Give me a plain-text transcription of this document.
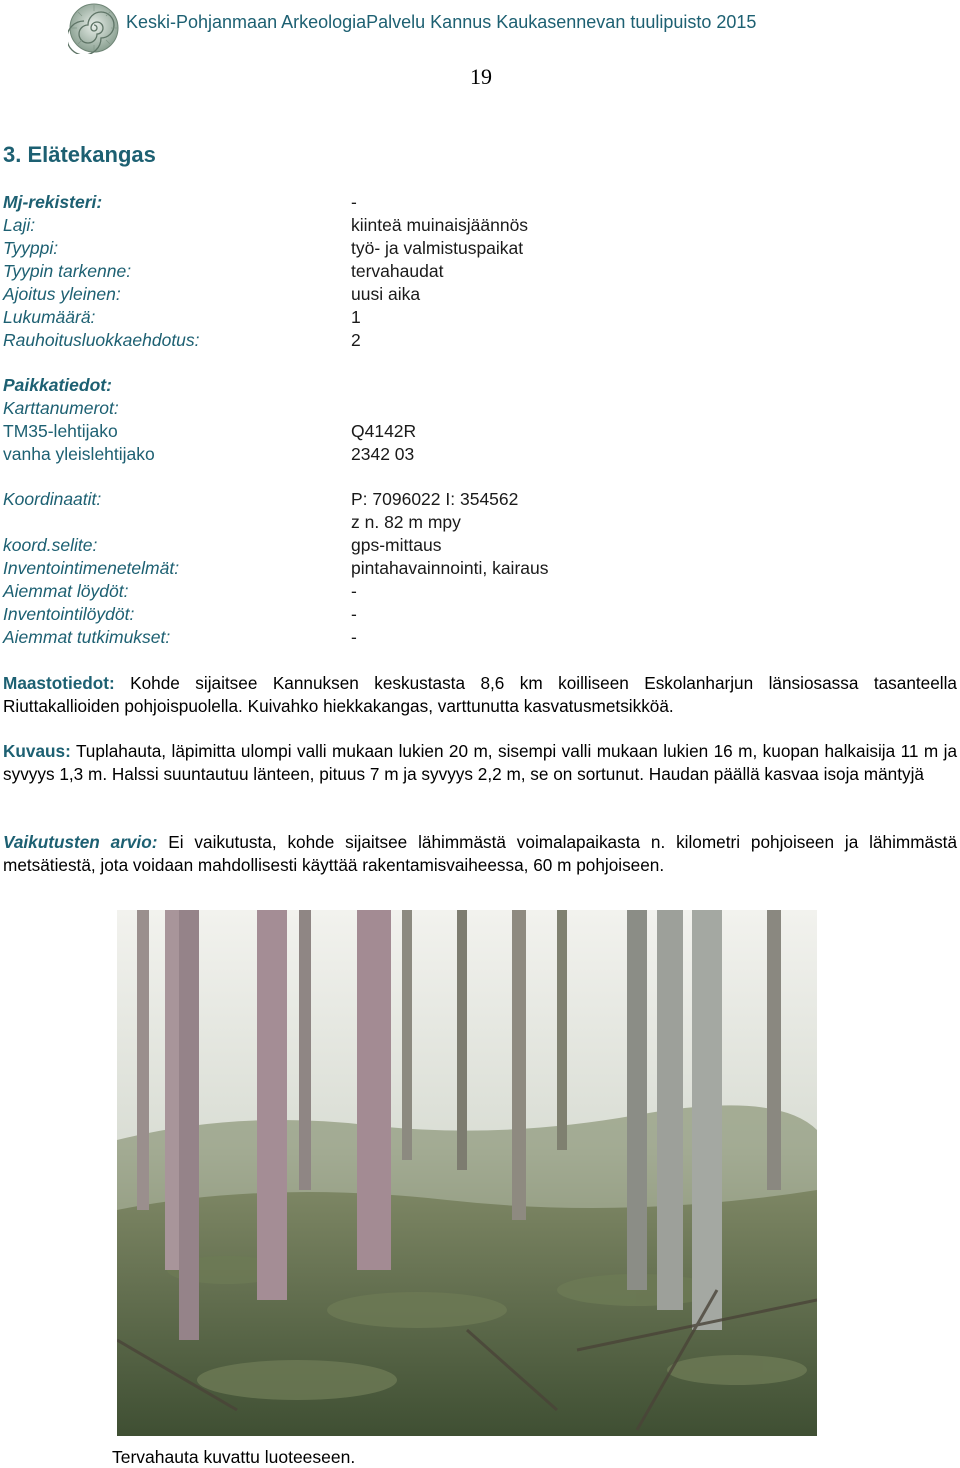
Keski-Pohjanmaan ArkeologiaPalvelu Kannus Kaukasennevan tuulipuisto 2015
19
3. Elätekangas
Mj-rekisteri:	-
Laji:	kiinteä muinaisjäännös
Tyyppi:	työ- ja valmistuspaikat
Tyypin tarkenne:	tervahaudat
Ajoitus yleinen:	uusi aika
Lukumäärä:	1
Rauhoitusluokkaehdotus:	2
Paikkatiedot:
Karttanumerot:
TM35-lehtijako	Q4142R
vanha yleislehtijako	2342 03
Koordinaatit:	P: 7096022 I: 354562
z n. 82 m mpy
koord.selite:	gps-mittaus
Inventointimenetelmät:	pintahavainnointi, kairaus
Aiemmat löydöt:	-
Inventointilöydöt:	-
Aiemmat tutkimukset:	-
Maastotiedot: Kohde sijaitsee Kannuksen keskustasta 8,6 km koilliseen Eskolanharjun länsiosassa tasanteella Riuttakallioiden pohjoispuolella. Kuivahko hiekkakangas, varttunutta kasvatusmetsikköä.
Kuvaus: Tuplahauta, läpimitta ulompi valli mukaan lukien 20 m, sisempi valli mukaan lukien 16 m, kuopan halkaisija 11 m ja syvyys 1,3 m. Halssi suuntautuu länteen, pituus 7 m ja syvyys 2,2 m, se on sortunut. Haudan päällä kasvaa isoja mäntyjä
Vaikutusten arvio: Ei vaikutusta, kohde sijaitsee lähimmästä voimalapaikasta n. kilometri pohjoiseen ja lähimmästä metsätiestä, jota voidaan mahdollisesti käyttää rakentamisvaiheessa, 60 m pohjoiseen.
Tervahauta kuvattu luoteeseen.
